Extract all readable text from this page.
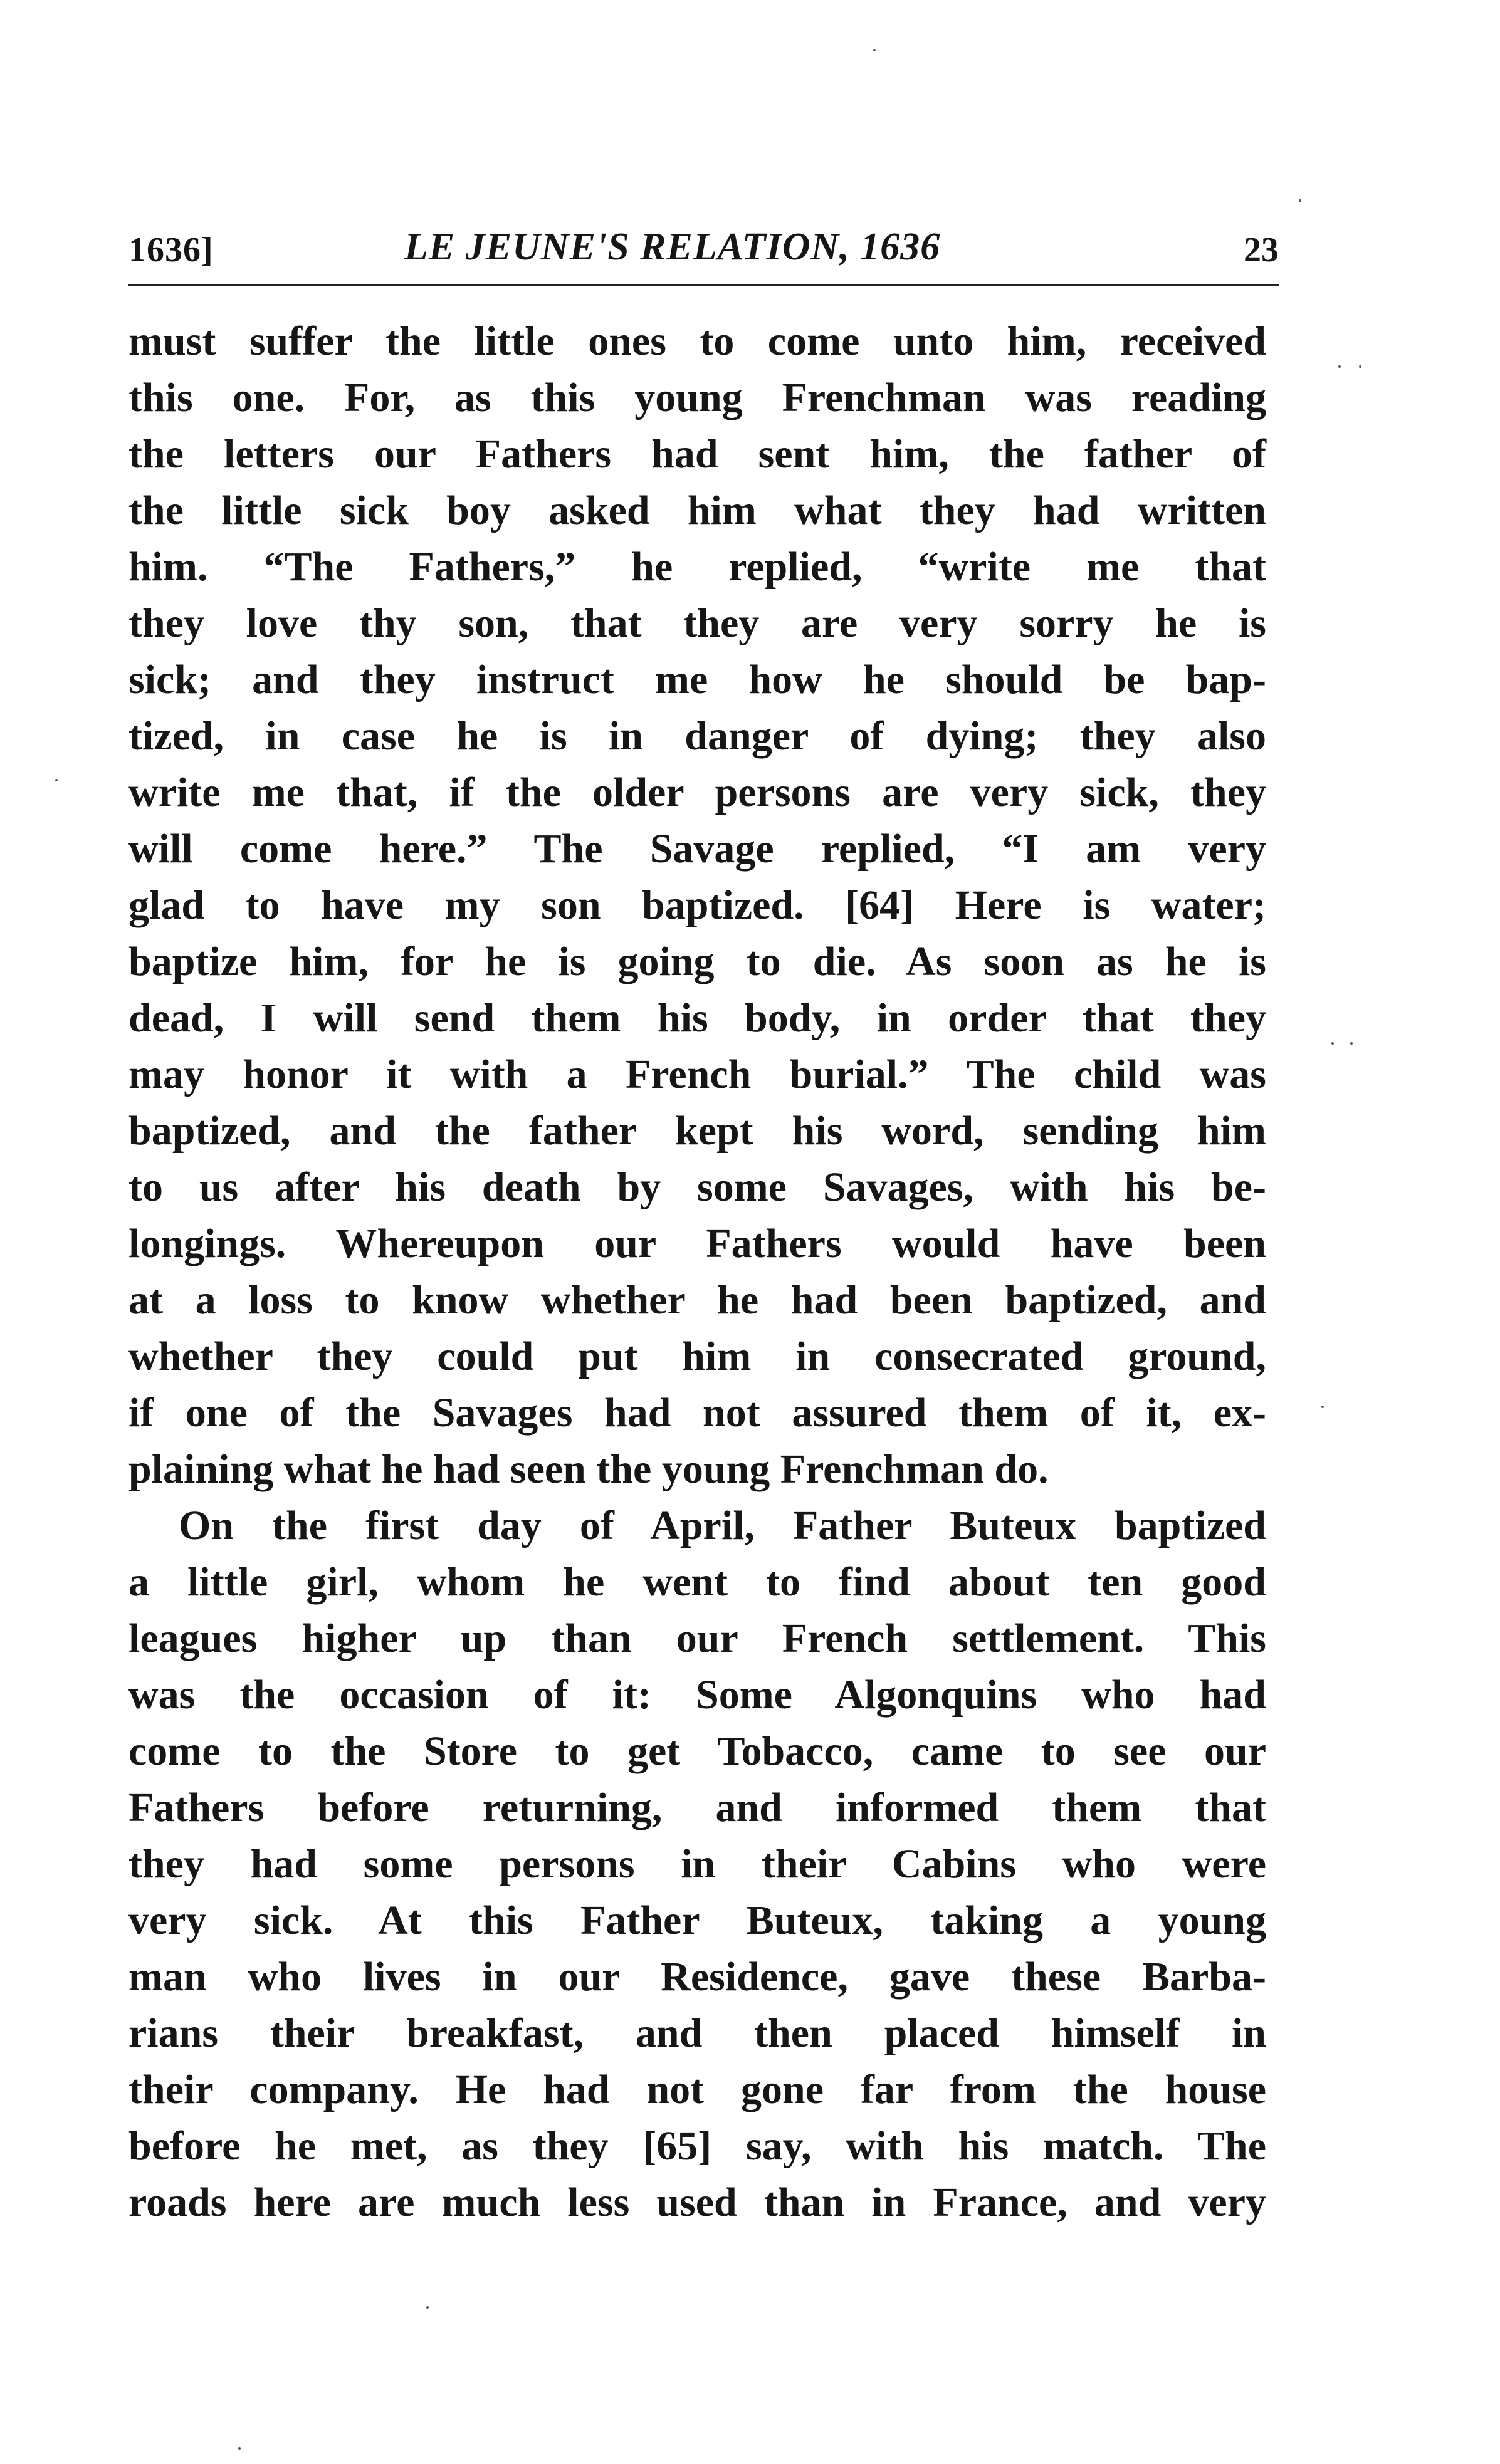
1636]	LE JEUNE'S RELATION, 1636	23
must suffer the little ones to come unto him, received
this one. For, as this young Frenchman was reading
the letters our Fathers had sent him, the father of
the little sick boy asked him what they had written
him. “The Fathers,” he replied, “write me that
they love thy son, that they are very sorry he is
sick; and they instruct me how he should be bap-
tized, in case he is in danger of dying; they also
write me that, if the older persons are very sick, they
will come here.” The Savage replied, “I am very
glad to have my son baptized. [64] Here is water;
baptize him, for he is going to die. As soon as he is
dead, I will send them his body, in order that they
may honor it with a French burial.” The child was
baptized, and the father kept his word, sending him
to us after his death by some Savages, with his be-
longings. Whereupon our Fathers would have been
at a loss to know whether he had been baptized, and
whether they could put him in consecrated ground,
if one of the Savages had not assured them of it, ex-
plaining what he had seen the young Frenchman do.
On the first day of April, Father Buteux baptized
a little girl, whom he went to find about ten good
leagues higher up than our French settlement. This
was the occasion of it: Some Algonquins who had
come to the Store to get Tobacco, came to see our
Fathers before returning, and informed them that
they had some persons in their Cabins who were
very sick. At this Father Buteux, taking a young
man who lives in our Residence, gave these Barba-
rians their breakfast, and then placed himself in
their company. He had not gone far from the house
before he met, as they [65] say, with his match. The
roads here are much less used than in France, and very
